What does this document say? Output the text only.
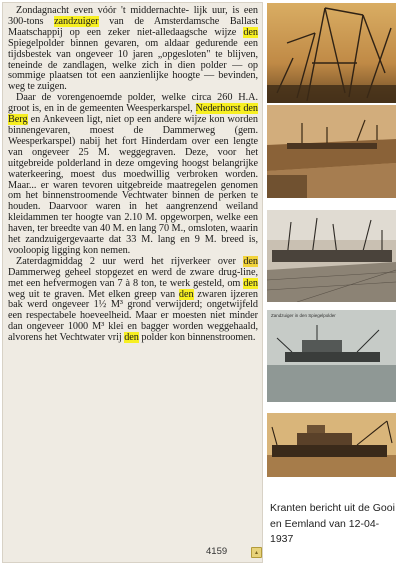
Zondagnacht even vóór 't middernachte- lijk uur, is een 300-tons zandzuiger van de Amsterdamsche Ballast Maatschappij op een zeker niet-alledaagsche wijze den Spiegelpolder binnen gevaren, om aldaar gedurende een tijdsbestek van ongeveer 10 jaren „opgesloten" te blijven, teneinde de zandlagen, welke zich in dien polder — op sommige plaatsen tot een aanzienlijke hoogte — bevinden, weg te zuigen.

Daar de vorengenoemde polder, welke circa 260 H.A. groot is, en in de gemeenten Weesperkarspel, Nederhorst den Berg en Ankeveen ligt, niet op een andere wijze kon worden binnengevaren, moest de Dammerweg (gem. Weesperkarspel) nabij het fort Hinderdam over een lengte van ongeveer 25 M. weggegraven. Deze, voor het uitgebreide polderland in deze omgeving hoogst belangrijke waterkeering, moest dus moedwillig verbroken worden. Maar... er waren tevoren uitgebreide maatregelen genomen om het binnenstroomende Vechtwater binnen de perken te houden. Daarvoor waren in het aangrenzend weiland kleidammen ter hoogte van 2.10 M. opgeworpen, welke een haven, ter breedte van 40 M. en lang 70 M., omsloten, waarin het zandzuigergevaarte dat 33 M. lang en 9 M. breed is, vooloopig ligging kon nemen.

Zaterdagmiddag 2 uur werd het rijverkeer over den Dammerweg geheel stopgezet en werd de zware drug-line, met een hefvermogen van 7 à 8 ton, te werk gesteld, om den weg uit te graven. Met elken greep van den zwaren ijzeren bak werd ongeveer 1½ M³ grond verwijderd; ongetwijfeld een respectabele hoeveelheid. Maar er moesten niet minder dan ongeveer 1000 M³ klei en bagger worden weggehaald, alvorens het Vechtwater vrij den polder kon binnenstroomen.

4159	▴
Zandzuiger in den Spiegelpolder
Kranten bericht uit de Gooi en Eemland van 12-04-1937
